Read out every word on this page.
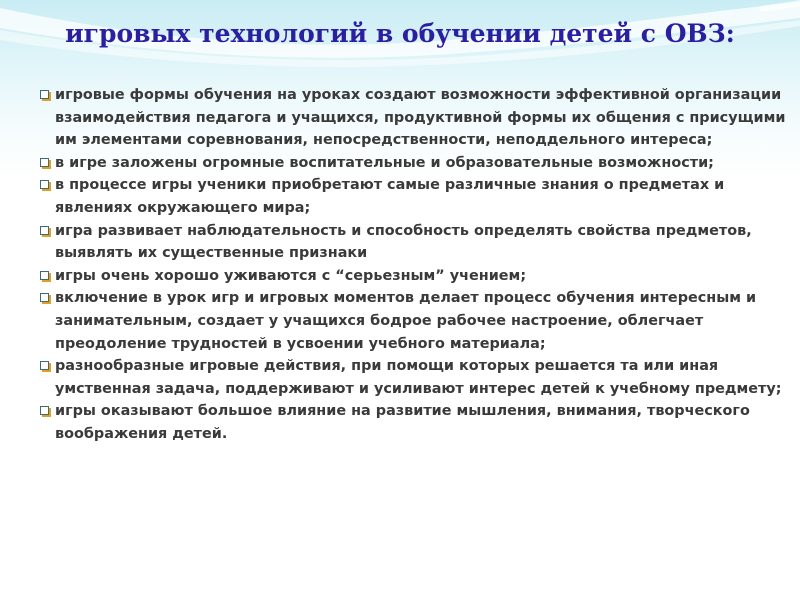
игровых технологий в обучении детей с ОВЗ:
игровые формы обучения на уроках создают возможности эффективной организации взаимодействия педагога и учащихся, продуктивной формы их общения с присущими им элементами соревнования, непосредственности, неподдельного интереса;
в игре заложены огромные воспитательные и образовательные возможности;
в процессе игры ученики приобретают самые различные знания о предметах и явлениях окружающего мира;
игра развивает наблюдательность и способность определять свойства предметов, выявлять их существенные признаки
игры очень хорошо уживаются с “серьезным” учением;
включение в урок игр и игровых моментов делает процесс обучения интересным и занимательным, создает у учащихся бодрое рабочее настроение, облегчает преодоление трудностей в усвоении учебного материала;
разнообразные игровые действия, при помощи которых решается та или иная умственная задача, поддерживают и усиливают интерес детей к учебному предмету;
игры оказывают большое влияние на развитие мышления, внимания, творческого воображения детей.
